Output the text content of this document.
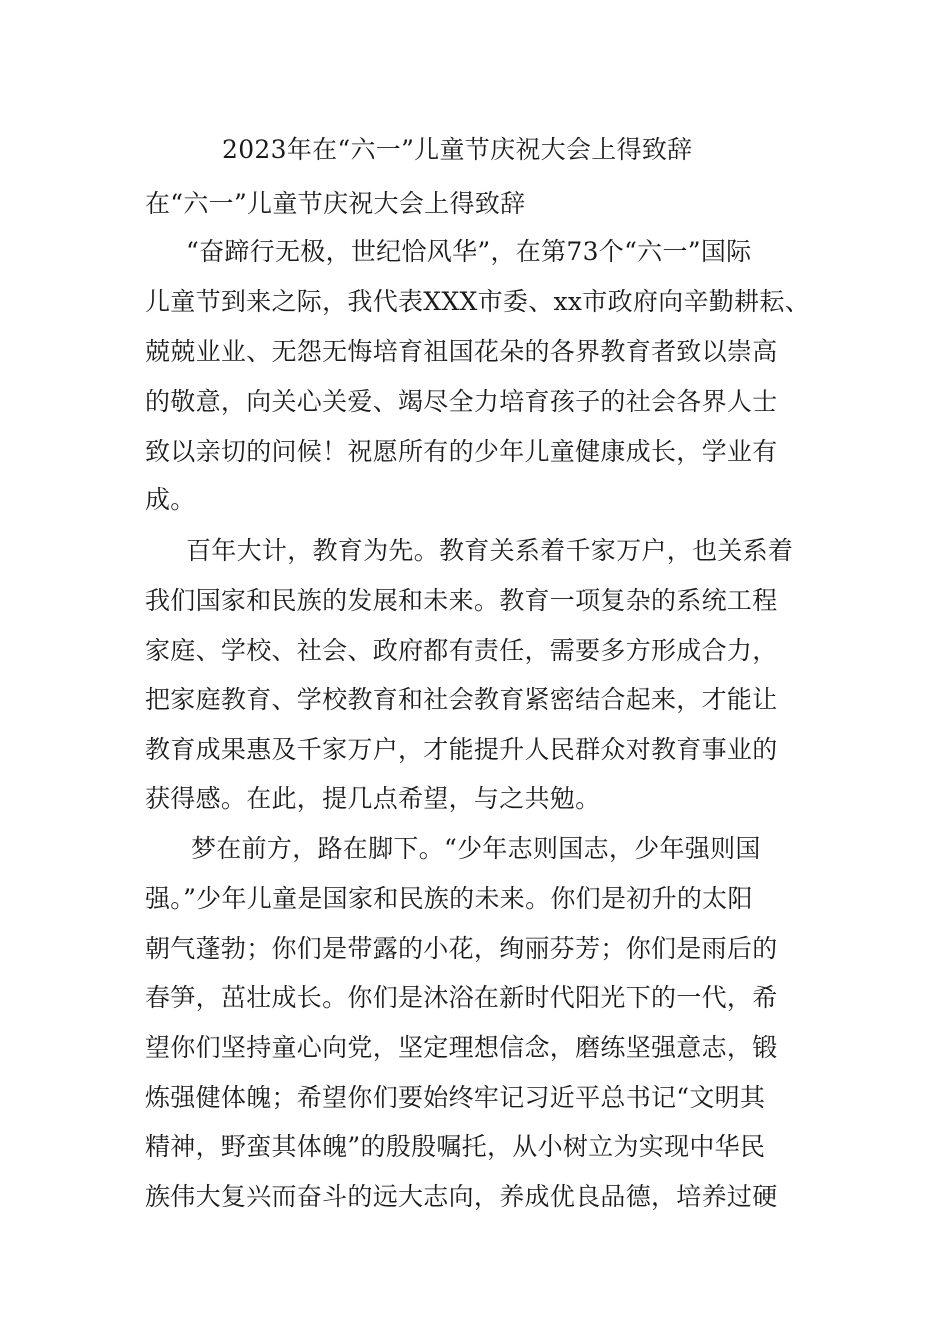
2023年在“六一”儿童节庆祝大会上得致辞
在“六一”儿童节庆祝大会上得致辞
“奋蹄行无极，世纪恰风华”，在第73个“六一”国际
儿童节到来之际，我代表XXX市委、xx市政府向辛勤耕耘、
兢兢业业、无怨无悔培育祖国花朵的各界教育者致以崇高
的敬意，向关心关爱、竭尽全力培育孩子的社会各界人士
致以亲切的问候！祝愿所有的少年儿童健康成长，学业有
成。
百年大计，教育为先。教育关系着千家万户，也关系着
我们国家和民族的发展和未来。教育一项复杂的系统工程
家庭、学校、社会、政府都有责任，需要多方形成合力，
把家庭教育、学校教育和社会教育紧密结合起来，才能让
教育成果惠及千家万户，才能提升人民群众对教育事业的
获得感。在此，提几点希望，与之共勉。
梦在前方，路在脚下。“少年志则国志，少年强则国
强。”少年儿童是国家和民族的未来。你们是初升的太阳
朝气蓬勃；你们是带露的小花，绚丽芬芳；你们是雨后的
春笋，茁壮成长。你们是沐浴在新时代阳光下的一代，希
望你们坚持童心向党，坚定理想信念，磨练坚强意志，锻
炼强健体魄；希望你们要始终牢记习近平总书记“文明其
精神，野蛮其体魄”的殷殷嘱托，从小树立为实现中华民
族伟大复兴而奋斗的远大志向，养成优良品德，培养过硬
